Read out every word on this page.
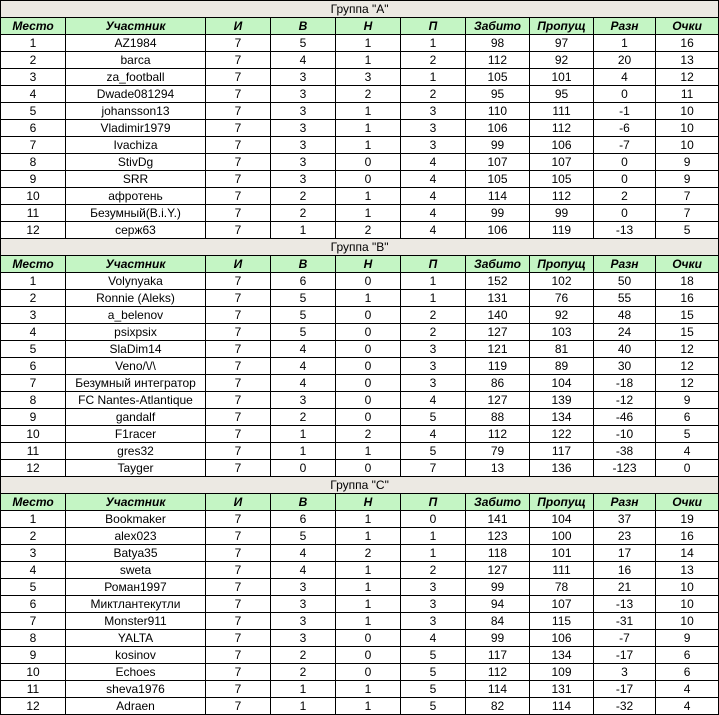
Группа "A"									
Место	Участник	И	В	Н	П	Забито	Пропущ	Разн	Очки
1	AZ1984	7	5	1	1	98	97	1	16
2	barca	7	4	1	2	112	92	20	13
3	za_football	7	3	3	1	105	101	4	12
4	Dwade081294	7	3	2	2	95	95	0	11
5	johansson13	7	3	1	3	110	111	-1	10
6	Vladimir1979	7	3	1	3	106	112	-6	10
7	Ivachiza	7	3	1	3	99	106	-7	10
8	StivDg	7	3	0	4	107	107	0	9
9	SRR	7	3	0	4	105	105	0	9
10	афротень	7	2	1	4	114	112	2	7
11	Безумный(B.i.Y.)	7	2	1	4	99	99	0	7
12	серж63	7	1	2	4	106	119	-13	5
Группа "B"									
Место	Участник	И	В	Н	П	Забито	Пропущ	Разн	Очки
1	Volynyaka	7	6	0	1	152	102	50	18
2	Ronnie (Aleks)	7	5	1	1	131	76	55	16
3	a_belenov	7	5	0	2	140	92	48	15
4	psixpsix	7	5	0	2	127	103	24	15
5	SlaDim14	7	4	0	3	121	81	40	12
6	Veno/\/\	7	4	0	3	119	89	30	12
7	Безумный интегратор	7	4	0	3	86	104	-18	12
8	FC Nantes-Atlantique	7	3	0	4	127	139	-12	9
9	gandalf	7	2	0	5	88	134	-46	6
10	F1racer	7	1	2	4	112	122	-10	5
11	gres32	7	1	1	5	79	117	-38	4
12	Tayger	7	0	0	7	13	136	-123	0
Группа "C"									
Место	Участник	И	В	Н	П	Забито	Пропущ	Разн	Очки
1	Bookmaker	7	6	1	0	141	104	37	19
2	alex023	7	5	1	1	123	100	23	16
3	Batya35	7	4	2	1	118	101	17	14
4	sweta	7	4	1	2	127	111	16	13
5	Роман1997	7	3	1	3	99	78	21	10
6	Миктлантекутли	7	3	1	3	94	107	-13	10
7	Monster911	7	3	1	3	84	115	-31	10
8	YALTA	7	3	0	4	99	106	-7	9
9	kosinov	7	2	0	5	117	134	-17	6
10	Echoes	7	2	0	5	112	109	3	6
11	sheva1976	7	1	1	5	114	131	-17	4
12	Adraen	7	1	1	5	82	114	-32	4
